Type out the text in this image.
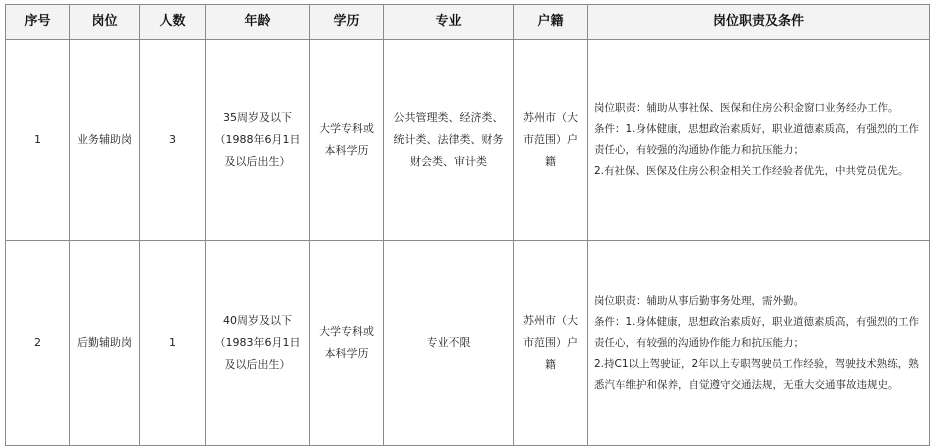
序号	岗位	人数	年龄	学历	专业	户籍	岗位职责及条件
1	业务辅助岗	3	35周岁及以下（1988年6月1日及以后出生）	大学专科或本科学历	公共管理类、经济类、统计类、法律类、财务财会类、审计类	苏州市（大市范围）户籍	岗位职责：辅助从事社保、医保和住房公积金窗口业务经办工作。

条件：1.身体健康，思想政治素质好，职业道德素质高，有强烈的工作责任心，有较强的沟通协作能力和抗压能力；

2.有社保、医保及住房公积金相关工作经验者优先，中共党员优先。

2	后勤辅助岗	1	40周岁及以下（1983年6月1日及以后出生）	大学专科或本科学历	专业不限	苏州市（大市范围）户籍	岗位职责：辅助从事后勤事务处理，需外勤。

条件：1.身体健康，思想政治素质好，职业道德素质高，有强烈的工作责任心，有较强的沟通协作能力和抗压能力；

2.持C1以上驾驶证，2年以上专职驾驶员工作经验，驾驶技术熟练，熟悉汽车维护和保养，自觉遵守交通法规，无重大交通事故违规史。
